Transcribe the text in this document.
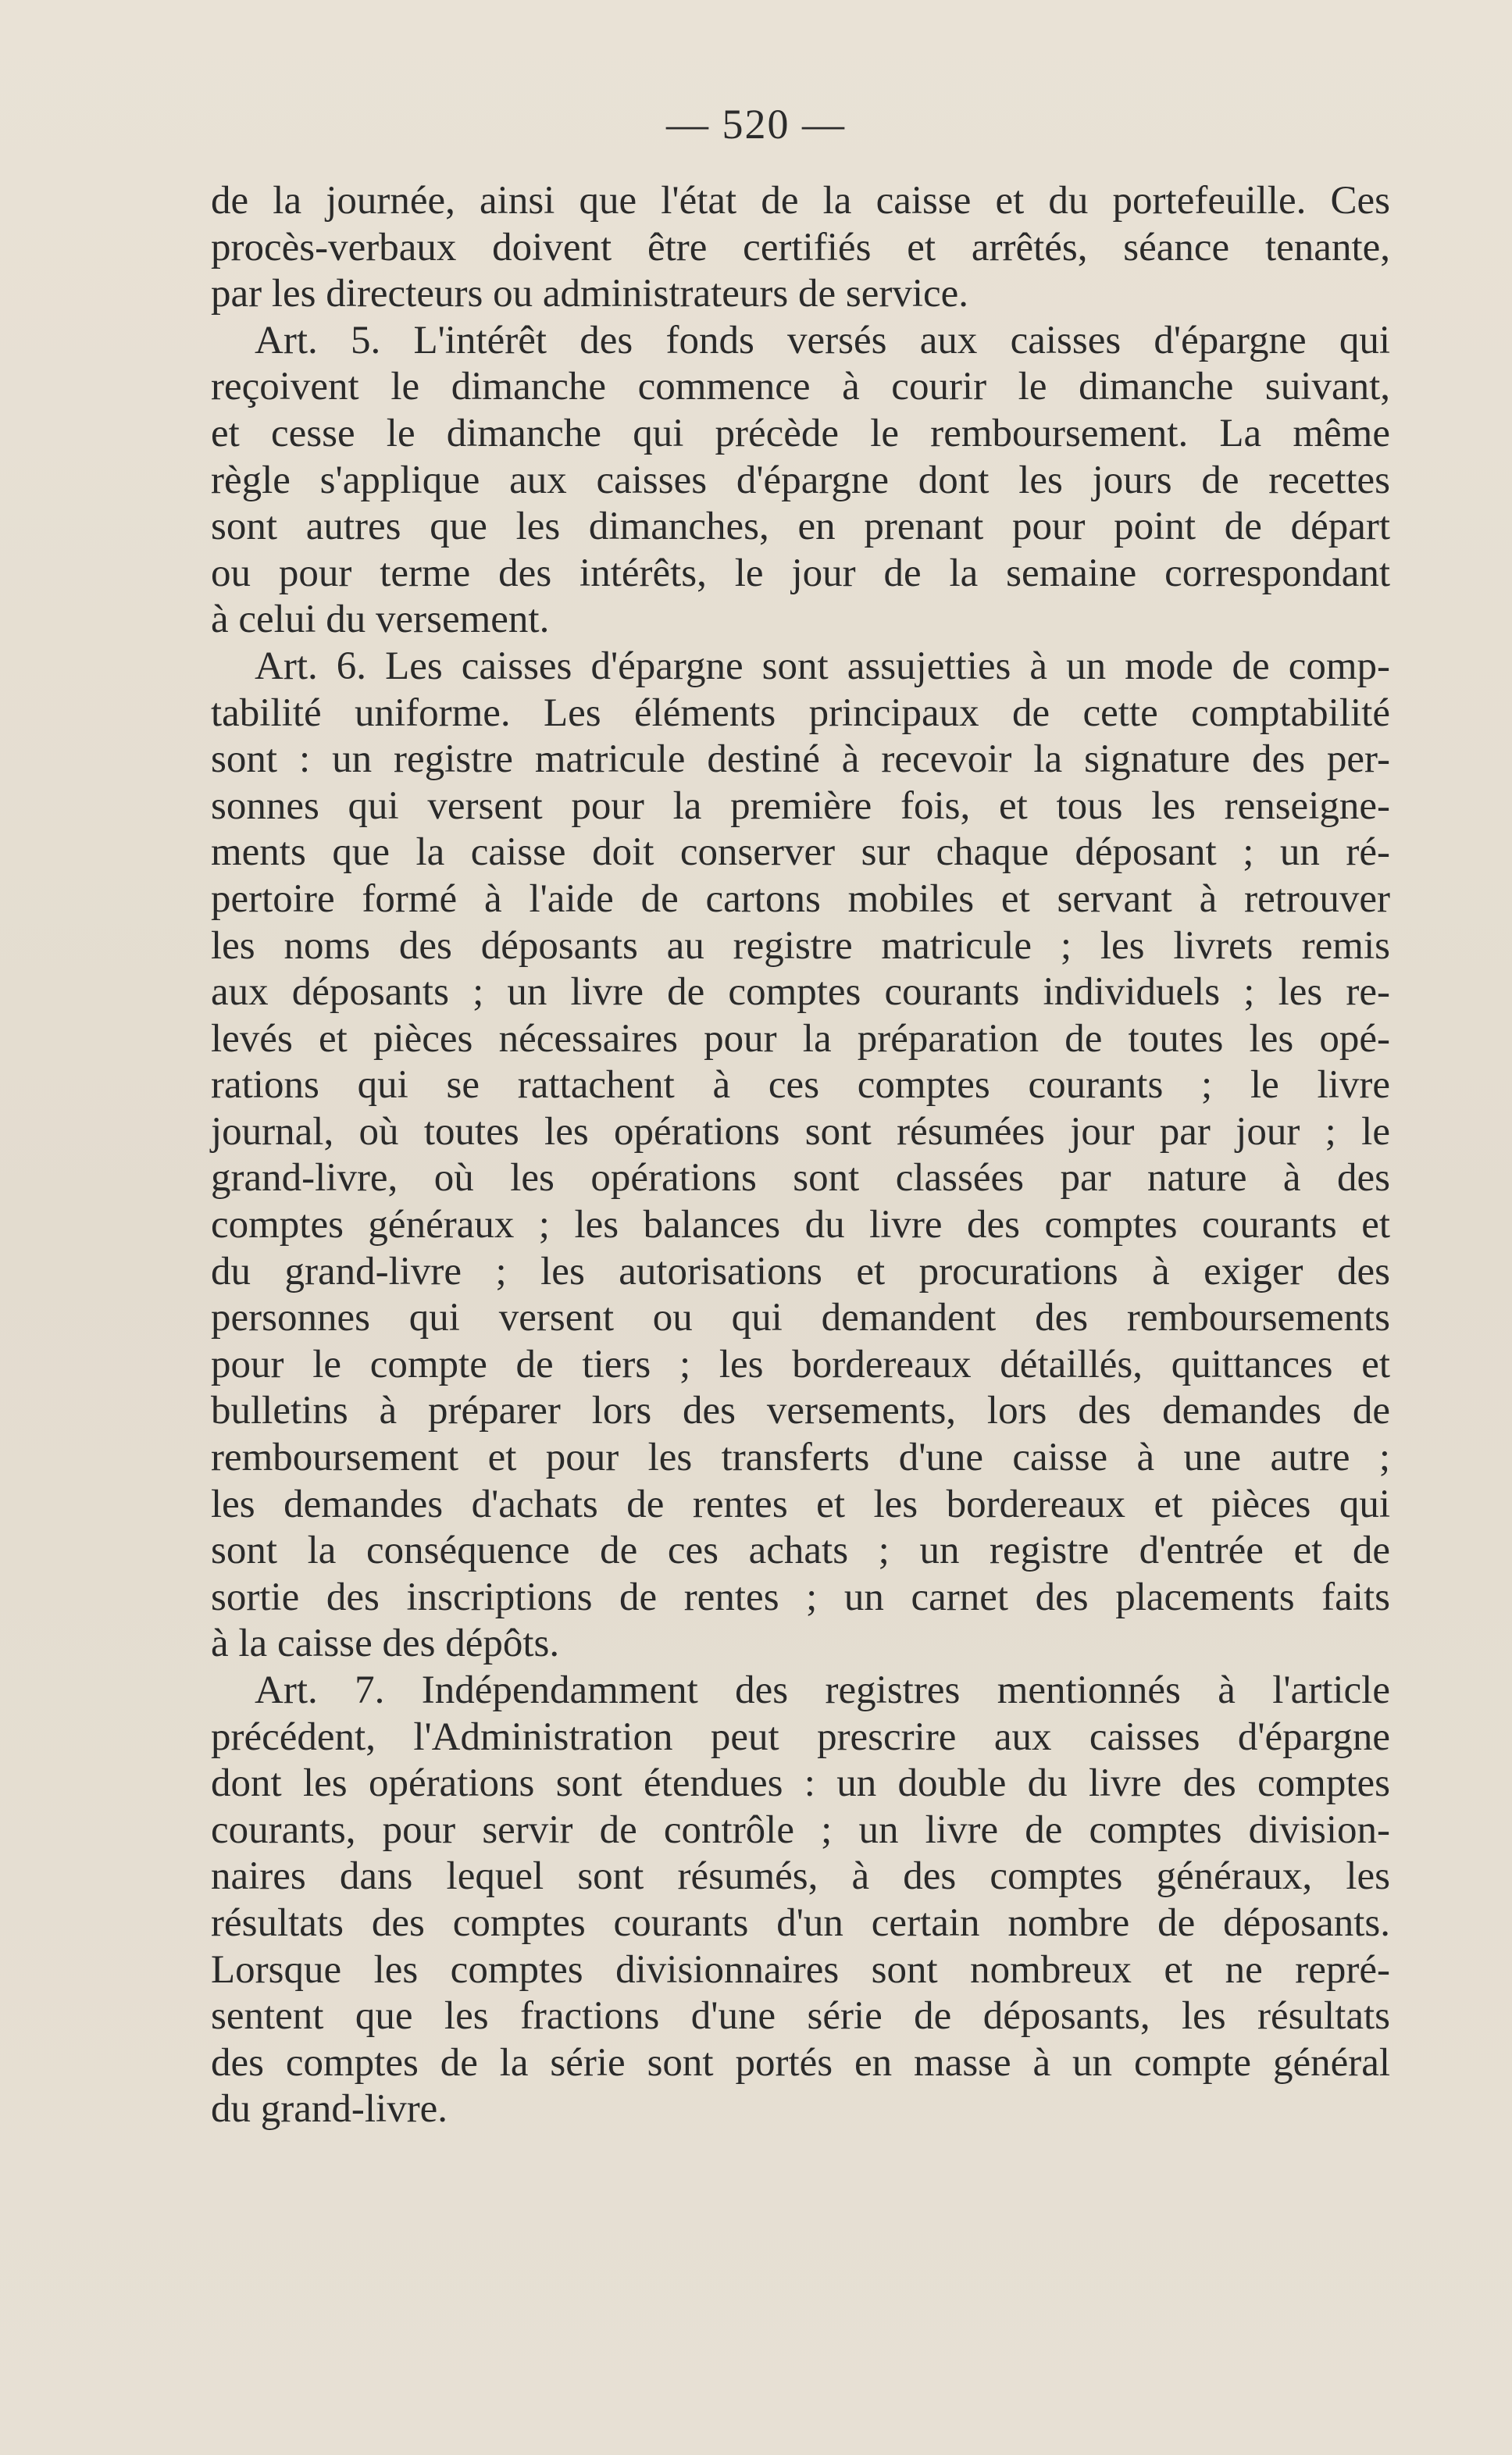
— 520 —
de la journée, ainsi que l'état de la caisse et du portefeuille. Ces
procès-verbaux doivent être certifiés et arrêtés, séance tenante,
par les directeurs ou administrateurs de service.
Art. 5. L'intérêt des fonds versés aux caisses d'épargne qui
reçoivent le dimanche commence à courir le dimanche suivant,
et cesse le dimanche qui précède le remboursement. La même
règle s'applique aux caisses d'épargne dont les jours de recettes
sont autres que les dimanches, en prenant pour point de départ
ou pour terme des intérêts, le jour de la semaine correspondant
à celui du versement.
Art. 6. Les caisses d'épargne sont assujetties à un mode de comp-
tabilité uniforme. Les éléments principaux de cette comptabilité
sont : un registre matricule destiné à recevoir la signature des per-
sonnes qui versent pour la première fois, et tous les renseigne-
ments que la caisse doit conserver sur chaque déposant ; un ré-
pertoire formé à l'aide de cartons mobiles et servant à retrouver
les noms des déposants au registre matricule ; les livrets remis
aux déposants ; un livre de comptes courants individuels ; les re-
levés et pièces nécessaires pour la préparation de toutes les opé-
rations qui se rattachent à ces comptes courants ; le livre
journal, où toutes les opérations sont résumées jour par jour ; le
grand-livre, où les opérations sont classées par nature à des
comptes généraux ; les balances du livre des comptes courants et
du grand-livre ; les autorisations et procurations à exiger des
personnes qui versent ou qui demandent des remboursements
pour le compte de tiers ; les bordereaux détaillés, quittances et
bulletins à préparer lors des versements, lors des demandes de
remboursement et pour les transferts d'une caisse à une autre ;
les demandes d'achats de rentes et les bordereaux et pièces qui
sont la conséquence de ces achats ; un registre d'entrée et de
sortie des inscriptions de rentes ; un carnet des placements faits
à la caisse des dépôts.
Art. 7. Indépendamment des registres mentionnés à l'article
précédent, l'Administration peut prescrire aux caisses d'épargne
dont les opérations sont étendues : un double du livre des comptes
courants, pour servir de contrôle ; un livre de comptes division-
naires dans lequel sont résumés, à des comptes généraux, les
résultats des comptes courants d'un certain nombre de déposants.
Lorsque les comptes divisionnaires sont nombreux et ne repré-
sentent que les fractions d'une série de déposants, les résultats
des comptes de la série sont portés en masse à un compte général
du grand-livre.
